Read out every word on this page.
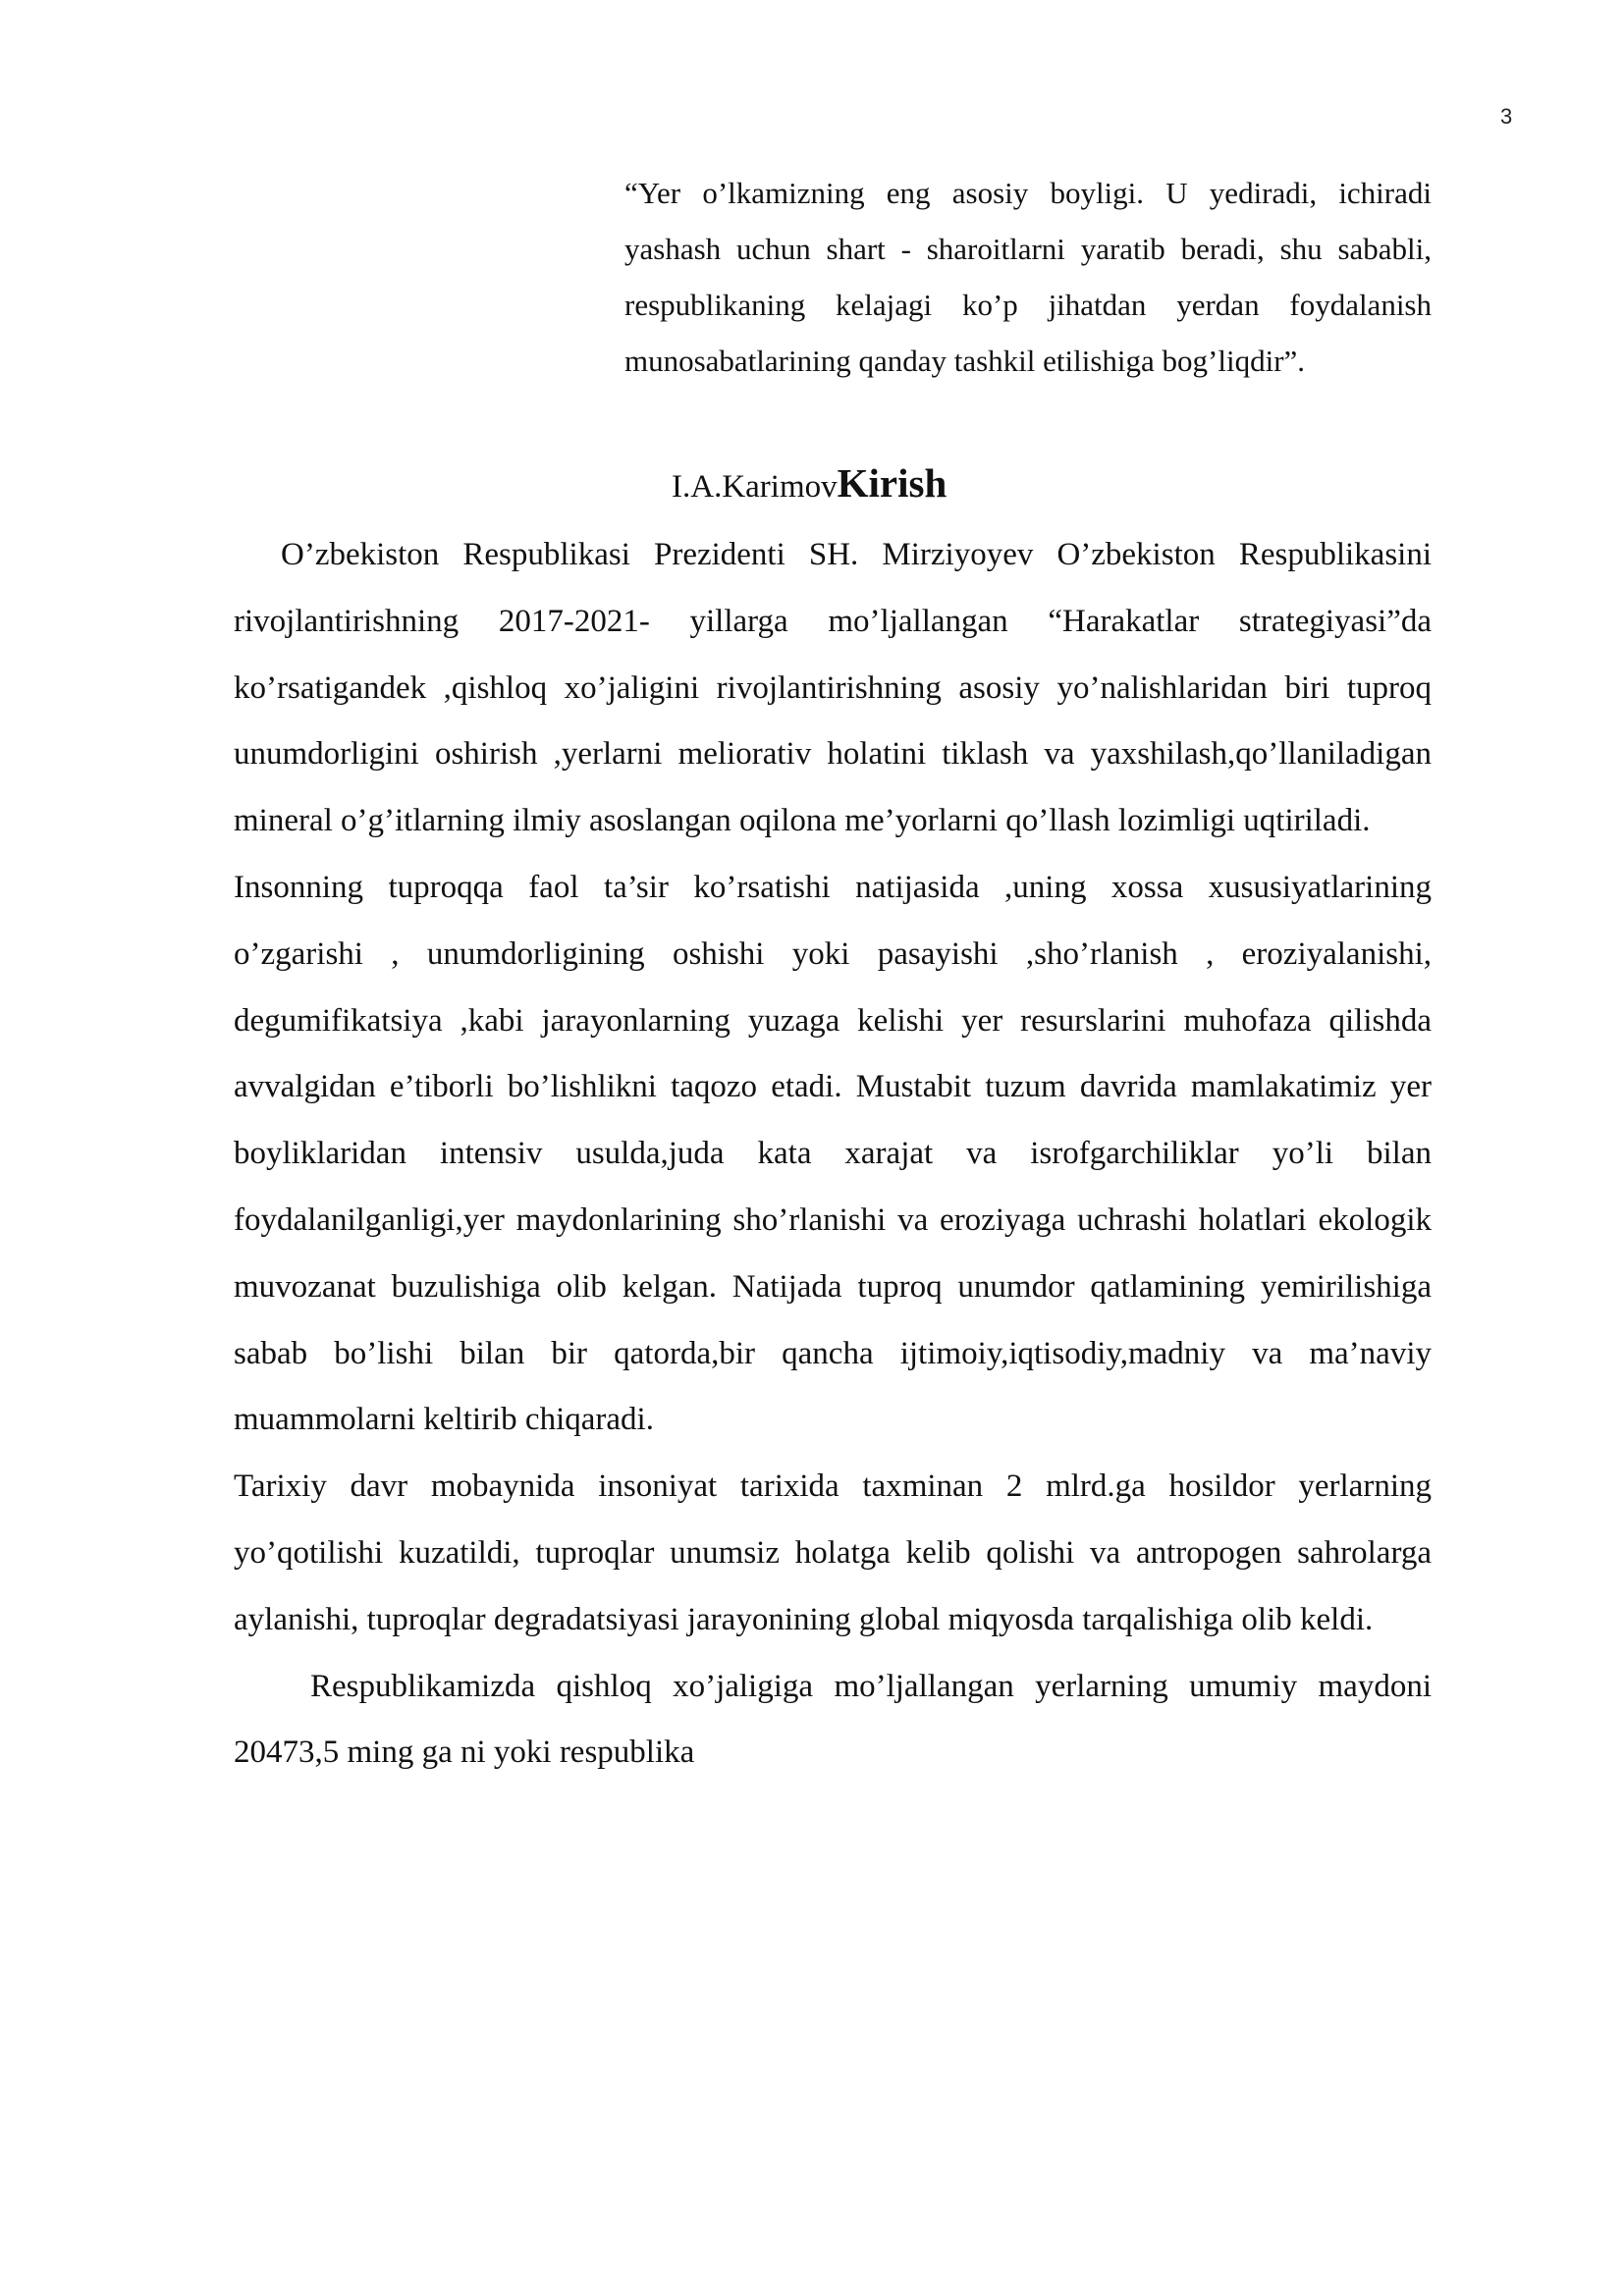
3
“Yer o’lkamizning eng asosiy boyligi. U yediradi, ichiradi yashash uchun shart - sharoitlarni yaratib beradi, shu sababli, respublikaning kelajagi ko’p jihatdan yerdan foydalanish munosabatlarining qanday tashkil etilishiga bog’liqdir”.
I.A.KarimovKirish

O’zbekiston Respublikasi Prezidenti SH. Mirziyoyev O’zbekiston Respublikasini rivojlantirishning 2017-2021- yillarga mo’ljallangan “Harakatlar strategiyasi”da ko’rsatigandek ,qishloq xo’jaligini rivojlantirishning asosiy yo’nalishlaridan biri tuproq unumdorligini oshirish ,yerlarni meliorativ holatini tiklash va yaxshilash,qo’llaniladigan mineral o’g’itlarning ilmiy asoslangan oqilona me’yorlarni qo’llash lozimligi uqtiriladi.

Insonning tuproqqa faol ta’sir ko’rsatishi natijasida ,uning xossa xususiyatlarining o’zgarishi , unumdorligining oshishi yoki pasayishi ,sho’rlanish , eroziyalanishi, degumifikatsiya ,kabi jarayonlarning yuzaga kelishi yer resurslarini muhofaza qilishda avvalgidan e’tiborli bo’lishlikni taqozo etadi. Mustabit tuzum davrida mamlakatimiz yer boyliklaridan intensiv usulda,juda kata xarajat va isrofgarchiliklar yo’li bilan foydalanilganligi,yer maydonlarining sho’rlanishi va eroziyaga uchrashi holatlari ekologik muvozanat buzulishiga olib kelgan. Natijada tuproq unumdor qatlamining yemirilishiga sabab bo’lishi bilan bir qatorda,bir qancha ijtimoiy,iqtisodiy,madniy va ma’naviy muammolarni keltirib chiqaradi.

Tarixiy davr mobaynida insoniyat tarixida taxminan 2 mlrd.ga hosildor yerlarning yo’qotilishi kuzatildi, tuproqlar unumsiz holatga kelib qolishi va antropogen sahrolarga aylanishi, tuproqlar degradatsiyasi jarayonining global miqyosda tarqalishiga olib keldi.

Respublikamizda qishloq xo’jaligiga mo’ljallangan yerlarning umumiy maydoni 20473,5 ming ga ni yoki respublika
